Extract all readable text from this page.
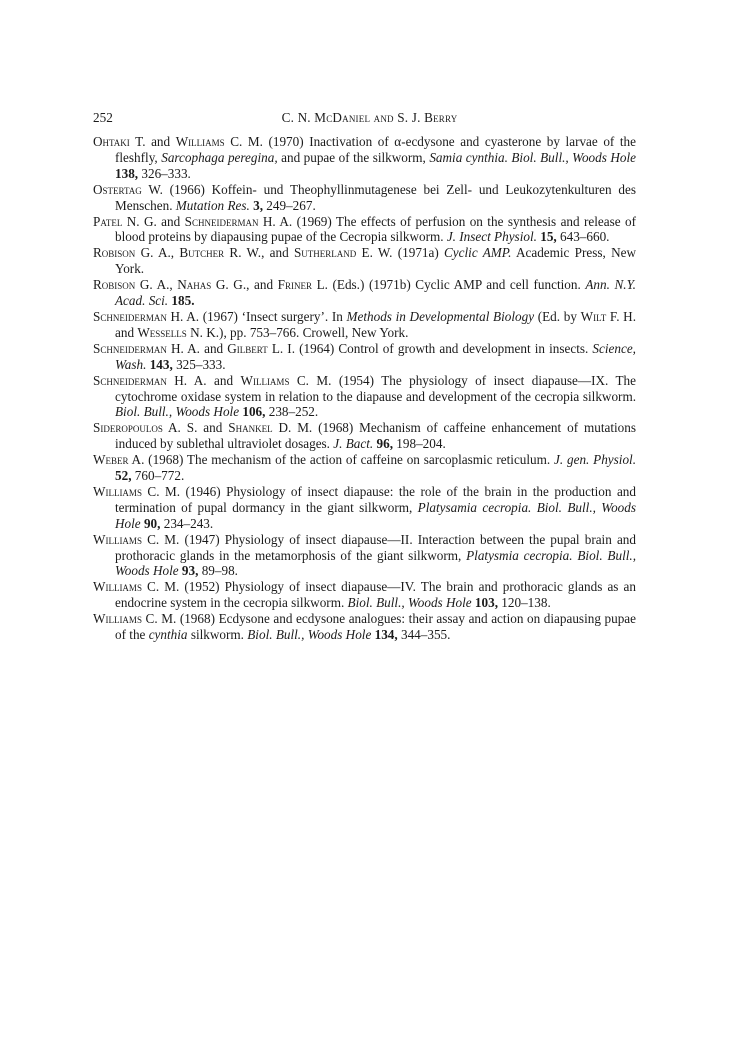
252	C. N. McDaniel and S. J. Berry

Ohtaki T. and Williams C. M. (1970) Inactivation of α-ecdysone and cyasterone by larvae of the fleshfly, Sarcophaga peregina, and pupae of the silkworm, Samia cynthia. Biol. Bull., Woods Hole 138, 326–333.

Ostertag W. (1966) Koffein- und Theophyllinmutagenese bei Zell- und Leukozytenkulturen des Menschen. Mutation Res. 3, 249–267.

Patel N. G. and Schneiderman H. A. (1969) The effects of perfusion on the synthesis and release of blood proteins by diapausing pupae of the Cecropia silkworm. J. Insect Physiol. 15, 643–660.

Robison G. A., Butcher R. W., and Sutherland E. W. (1971a) Cyclic AMP. Academic Press, New York.

Robison G. A., Nahas G. G., and Friner L. (Eds.) (1971b) Cyclic AMP and cell function. Ann. N.Y. Acad. Sci. 185.

Schneiderman H. A. (1967) ‘Insect surgery’. In Methods in Developmental Biology (Ed. by Wilt F. H. and Wessells N. K.), pp. 753–766. Crowell, New York.

Schneiderman H. A. and Gilbert L. I. (1964) Control of growth and development in insects. Science, Wash. 143, 325–333.

Schneiderman H. A. and Williams C. M. (1954) The physiology of insect diapause—IX. The cytochrome oxidase system in relation to the diapause and development of the cecropia silkworm. Biol. Bull., Woods Hole 106, 238–252.

Sideropoulos A. S. and Shankel D. M. (1968) Mechanism of caffeine enhancement of mutations induced by sublethal ultraviolet dosages. J. Bact. 96, 198–204.

Weber A. (1968) The mechanism of the action of caffeine on sarcoplasmic reticulum. J. gen. Physiol. 52, 760–772.

Williams C. M. (1946) Physiology of insect diapause: the role of the brain in the production and termination of pupal dormancy in the giant silkworm, Platysamia cecropia. Biol. Bull., Woods Hole 90, 234–243.

Williams C. M. (1947) Physiology of insect diapause—II. Interaction between the pupal brain and prothoracic glands in the metamorphosis of the giant silkworm, Platysmia cecropia. Biol. Bull., Woods Hole 93, 89–98.

Williams C. M. (1952) Physiology of insect diapause—IV. The brain and prothoracic glands as an endocrine system in the cecropia silkworm. Biol. Bull., Woods Hole 103, 120–138.

Williams C. M. (1968) Ecdysone and ecdysone analogues: their assay and action on diapausing pupae of the cynthia silkworm. Biol. Bull., Woods Hole 134, 344–355.
